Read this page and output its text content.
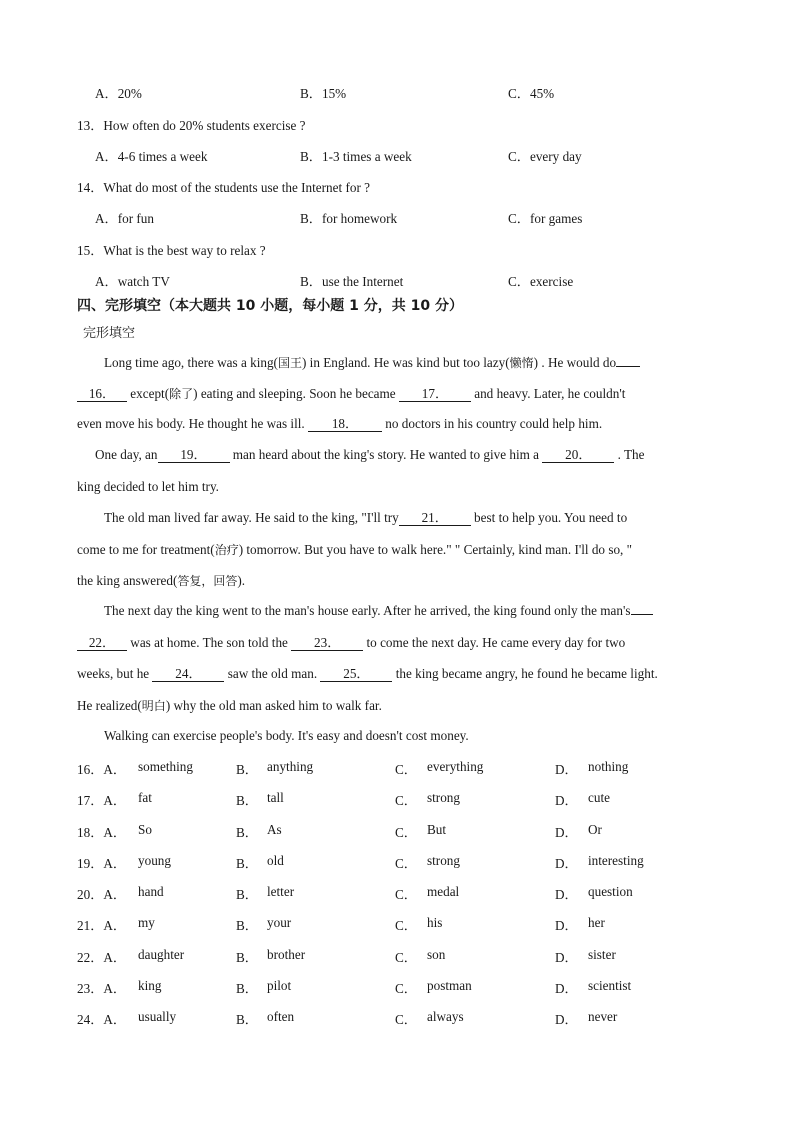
A．20%	B．15%	C．45%
13．How often do 20% students exercise ?
A．4-6 times a week	B．1-3 times a week	C．every day
14．What do most of the students use the Internet for ?
A．for fun	B．for homework	C．for games
15．What is the best way to relax ?
A．watch TV	B．use the Internet	C．exercise
四、完形填空（本大题共 10 小题，每小题 1 分，共 10 分）
完形填空
Long time ago, there was a king(国王) in England. He was kind but too lazy(懒惰) . He would do
16． except(除了) eating and sleeping. Soon he became 17． and heavy. Later, he couldn't
even move his body. He thought he was ill. 18． no doctors in his country could help him.
One day, an 19． man heard about the king's story. He wanted to give him a 20． . The
king decided to let him try.
The old man lived far away. He said to the king, "I'll try 21． best to help you. You need to
come to me for treatment(治疗) tomorrow. But you have to walk here." " Certainly, kind man. I'll do so, "
the king answered(答复，回答).
The next day the king went to the man's house early. After he arrived, the king found only the man's
22． was at home. The son told the 23． to come the next day. He came every day for two
weeks, but he 24． saw the old man. 25． the king became angry, he found he became light.
He realized(明白) why the old man asked him to walk far.
Walking can exercise people's body. It's easy and doesn't cost money.
16．A． something	B． anything	C． everything	D． nothing
17．A． fat	B． tall	C． strong	D． cute
18．A． So	B． As	C． But	D． Or
19．A． young	B． old	C． strong	D． interesting
20．A． hand	B． letter	C． medal	D． question
21．A． my	B． your	C． his	D． her
22．A． daughter	B． brother	C． son	D． sister
23．A． king	B． pilot	C． postman	D． scientist
24．A． usually	B． often	C． always	D． never
